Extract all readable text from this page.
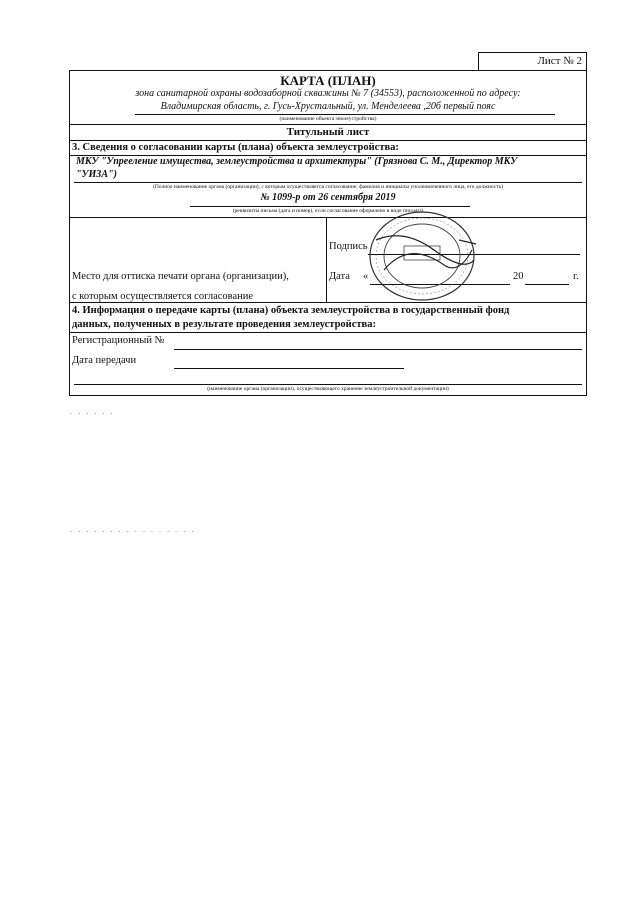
Лист № 2
КАРТА (ПЛАН)
зона санитарной охраны водозаборной скважины № 7 (34553), расположенной по адресу:
Владимирская область, г. Гусь-Хрустальный, ул. Менделеева ,20б первый пояс
(наименование объекта землеустройства)
Титульный лист
3. Сведения о согласовании карты (плана) объекта землеустройства:
МКУ "Упрееление имущества, землеустройства и архитектуры" (Грязнова С. М., Директор МКУ
"УИЗА")
(Полное наименование органа (организации), с которым осуществляется согласование; фамилия и инициалы уполномоченного лица, его должность)
№ 1099-р от 26 сентября 2019
(реквизиты письма (дата и номер), если согласование оформлено в виде письма))
Место для оттиска печати органа (организации),
с которым осуществляется согласование
Подпись
Дата «	20	г.
4. Информация о передаче карты (плана) объекта землеустройства в государственный фонд
данных, полученных в результате проведения землеустройства:
Регистрационный №
Дата передачи
(наименование органа (организации), осуществляющего хранение землеустроительной документации)
· · · · · ·
· · · · · · · · · · · · · · · ·
